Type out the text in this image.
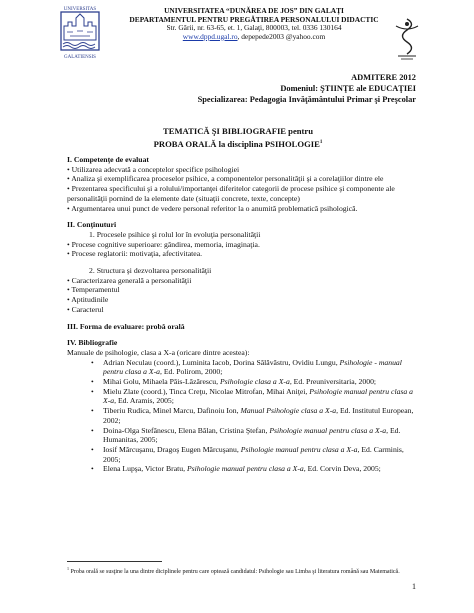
UNIVERSITAS
GALATIENSIS
UNIVERSITATEA “DUNĂREA DE JOS” DIN GALAŢI
DEPARTAMENTUL PENTRU PREGĂTIREA PERSONALULUI DIDACTIC
Str. Gării, nr. 63-65, et. 1, Galaţi, 800003, tel. 0336 130164
www.dppd.ugal.ro, depepede2003 @yahoo.com
ADMITERE 2012
Domeniul: ŞTIINŢE ale EDUCAŢIEI
Specializarea: Pedagogia Invăţământului Primar şi Preşcolar
TEMATICĂ ŞI BIBLIOGRAFIE pentru
PROBA ORALĂ la disciplina PSIHOLOGIE$^1$
I. Competenţe de evaluat
• Utilizarea adecvată a conceptelor specifice psihologiei
• Analiza şi exemplificarea proceselor psihice, a componentelor personalităţii şi a corelaţiilor dintre ele
• Prezentarea specificului şi a rolului/importanţei diferitelor categorii de procese psihice şi componente ale personalităţii pornind de la elemente date (situaţii concrete, texte, concepte)
• Argumentarea unui punct de vedere personal referitor la o anumită problematică psihologică.
II. Conţinuturi
1. Procesele psihice şi rolul lor în evoluţia personalităţii
• Procese cognitive superioare: gândirea, memoria, imaginaţia.
• Procese reglatorii: motivaţia, afectivitatea.
2. Structura şi dezvoltarea personalităţii
• Caracterizarea generală a personalităţii
• Temperamentul
• Aptitudinile
• Caracterul
III. Forma de evaluare: probă orală
IV. Bibliografie
Manuale de psihologie, clasa a X-a (oricare dintre acestea):
• Adrian Neculau (coord.), Luminita Iacob, Dorina Sălăvăstru, Ovidiu Lungu, Psihologie - manual pentru clasa a X-a, Ed. Polirom, 2000;
• Mihai Golu, Mihaela Păis-Lăzărescu, Psihologie clasa a X-a, Ed. Preuniversitaria, 2000;
• Mielu Zlate (coord.), Tinca Creţu, Nicolae Mitrofan, Mihai Aniţei, Psihologie manual pentru clasa a X-a, Ed. Aramis, 2005;
• Tiberiu Rudica, Minel Marcu, Dafinoiu Ion, Manual Psihologie clasa a X-a, Ed. Institutul European, 2002;
• Doina-Olga Stefănescu, Elena Bălan, Cristina Ştefan, Psihologie manual pentru clasa a X-a, Ed. Humanitas, 2005;
• Iosif Mărcuşanu, Dragoş Eugen Mărcuşanu, Psihologie manual pentru clasa a X-a, Ed. Carminis, 2005;
• Elena Lupşa, Victor Bratu, Psihologie manual pentru clasa a X-a, Ed. Corvin Deva, 2005;
$^1$ Proba orală se susţine la una dintre diciplinele pentru care optează candidatul: Psihologie sau Limba şi literatura română sau Matematică.
1
